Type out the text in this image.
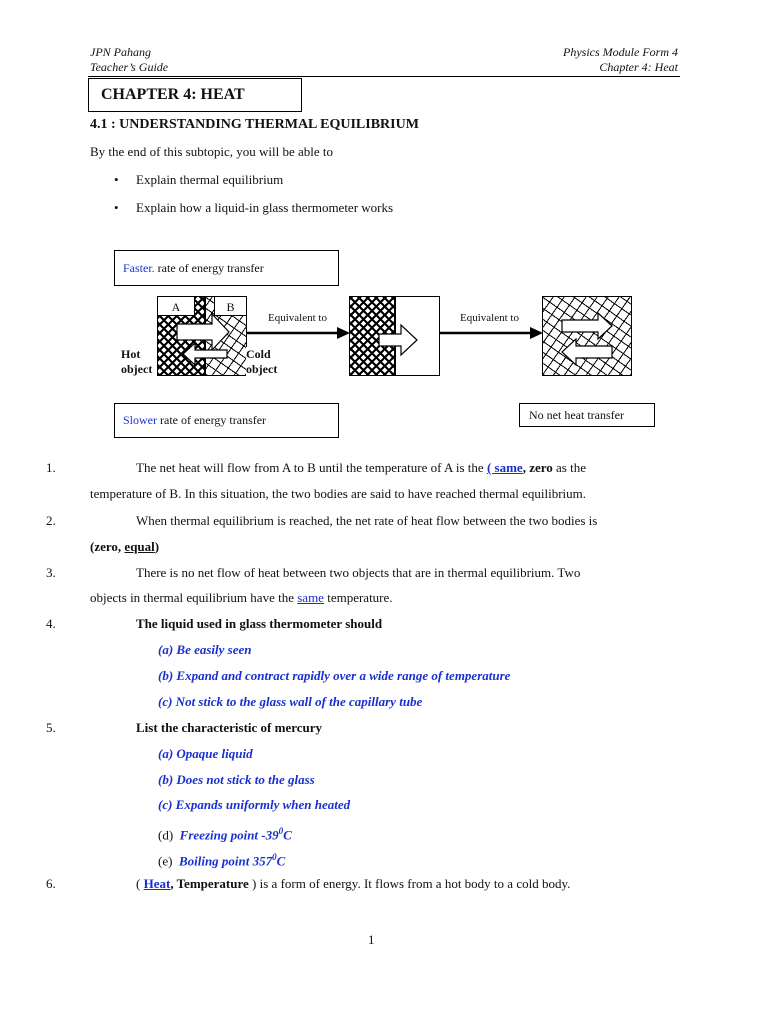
JPN Pahang
Teacher’s Guide
Physics Module Form 4
Chapter 4: Heat
CHAPTER 4: HEAT
4.1 : UNDERSTANDING THERMAL EQUILIBRIUM
By the end of this subtopic, you will be able to
• Explain thermal equilibrium
• Explain how a liquid-in glass thermometer works
Faster. rate of energy transfer
A	B
Hot
object
Cold
object
Equivalent to	Equivalent to
Slower rate of energy transfer	No net heat transfer
1.	The net heat will flow from A to B until the temperature of A is the ( same, zero as the
temperature of B. In this situation, the two bodies are said to have reached thermal equilibrium.
2.	When thermal equilibrium is reached, the net rate of heat flow between the two bodies is
(zero, equal)
3.	There is no net flow of heat between two objects that are in thermal equilibrium. Two
objects in thermal equilibrium have the same temperature.
4.	The liquid used in glass thermometer should
(a) Be easily seen
(b) Expand and contract rapidly over a wide range of temperature
(c) Not stick to the glass wall of the capillary tube
5.	List the characteristic of mercury
(a) Opaque liquid
(b) Does not stick to the glass
(c) Expands uniformly when heated
(d) Freezing point $-39^0C$
(e) Boiling point $357^0C$
6.	( Heat, Temperature ) is a form of energy. It flows from a hot body to a cold body.
1
